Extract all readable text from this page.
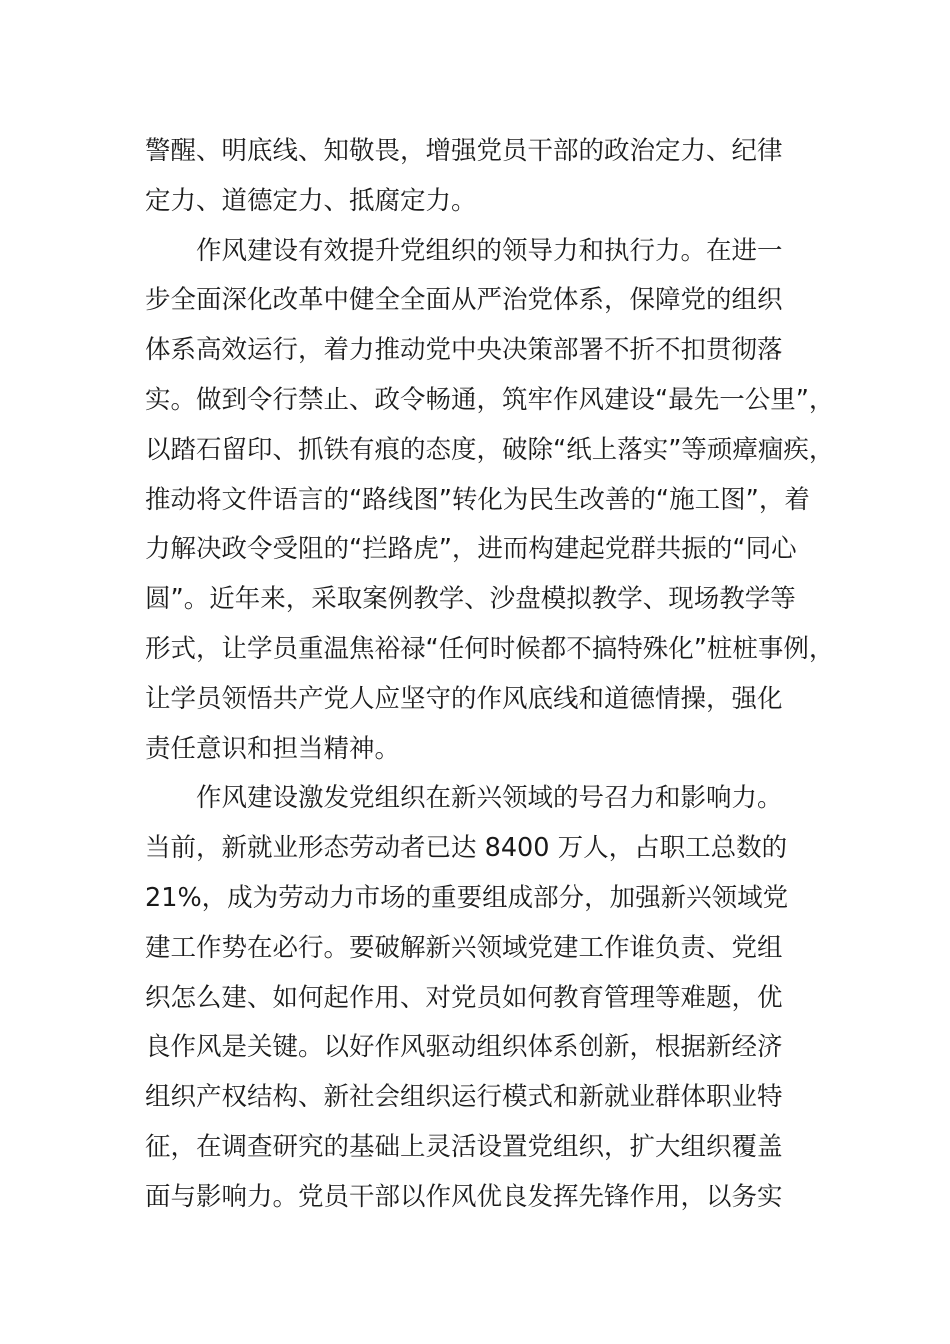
警醒、明底线、知敬畏，增强党员干部的政治定力、纪律
定力、道德定力、抵腐定力。
　　作风建设有效提升党组织的领导力和执行力。在进一
步全面深化改革中健全全面从严治党体系，保障党的组织
体系高效运行，着力推动党中央决策部署不折不扣贯彻落
实。做到令行禁止、政令畅通，筑牢作风建设“最先一公里”，
以踏石留印、抓铁有痕的态度，破除“纸上落实”等顽瘴痼疾，
推动将文件语言的“路线图”转化为民生改善的“施工图”，着
力解决政令受阻的“拦路虎”，进而构建起党群共振的“同心
圆”。近年来，采取案例教学、沙盘模拟教学、现场教学等
形式，让学员重温焦裕禄“任何时候都不搞特殊化”桩桩事例，
让学员领悟共产党人应坚守的作风底线和道德情操，强化
责任意识和担当精神。
　　作风建设激发党组织在新兴领域的号召力和影响力。
当前，新就业形态劳动者已达 8400 万人，占职工总数的
21%，成为劳动力市场的重要组成部分，加强新兴领域党
建工作势在必行。要破解新兴领域党建工作谁负责、党组
织怎么建、如何起作用、对党员如何教育管理等难题，优
良作风是关键。以好作风驱动组织体系创新，根据新经济
组织产权结构、新社会组织运行模式和新就业群体职业特
征，在调查研究的基础上灵活设置党组织，扩大组织覆盖
面与影响力。党员干部以作风优良发挥先锋作用，以务实
